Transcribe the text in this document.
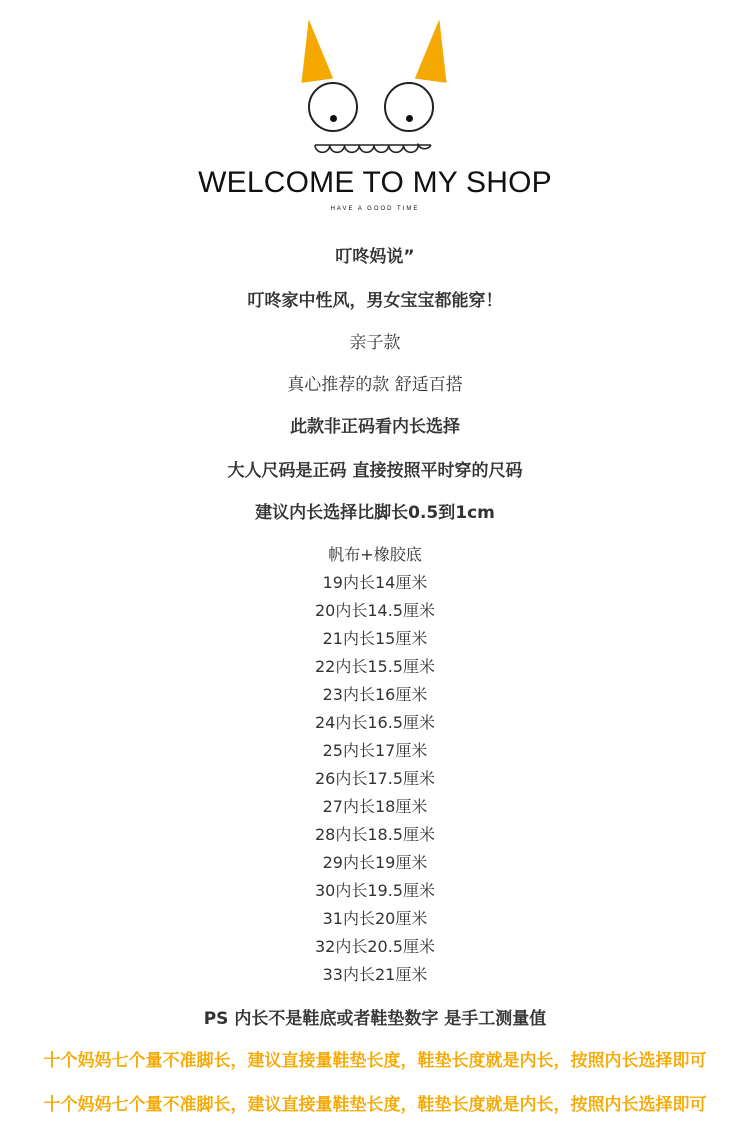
WELCOME TO MY SHOP
HAVE A GOOD TIME
叮咚妈说”
叮咚家中性风，男女宝宝都能穿！
亲子款
真心推荐的款 舒适百搭
此款非正码看内长选择
大人尺码是正码 直接按照平时穿的尺码
建议内长选择比脚长0.5到1cm
帆布+橡胶底
19内长14厘米
20内长14.5厘米
21内长15厘米
22内长15.5厘米
23内长16厘米
24内长16.5厘米
25内长17厘米
26内长17.5厘米
27内长18厘米
28内长18.5厘米
29内长19厘米
30内长19.5厘米
31内长20厘米
32内长20.5厘米
33内长21厘米
PS 内长不是鞋底或者鞋垫数字 是手工测量值
十个妈妈七个量不准脚长，建议直接量鞋垫长度，鞋垫长度就是内长，按照内长选择即可
十个妈妈七个量不准脚长，建议直接量鞋垫长度，鞋垫长度就是内长，按照内长选择即可
